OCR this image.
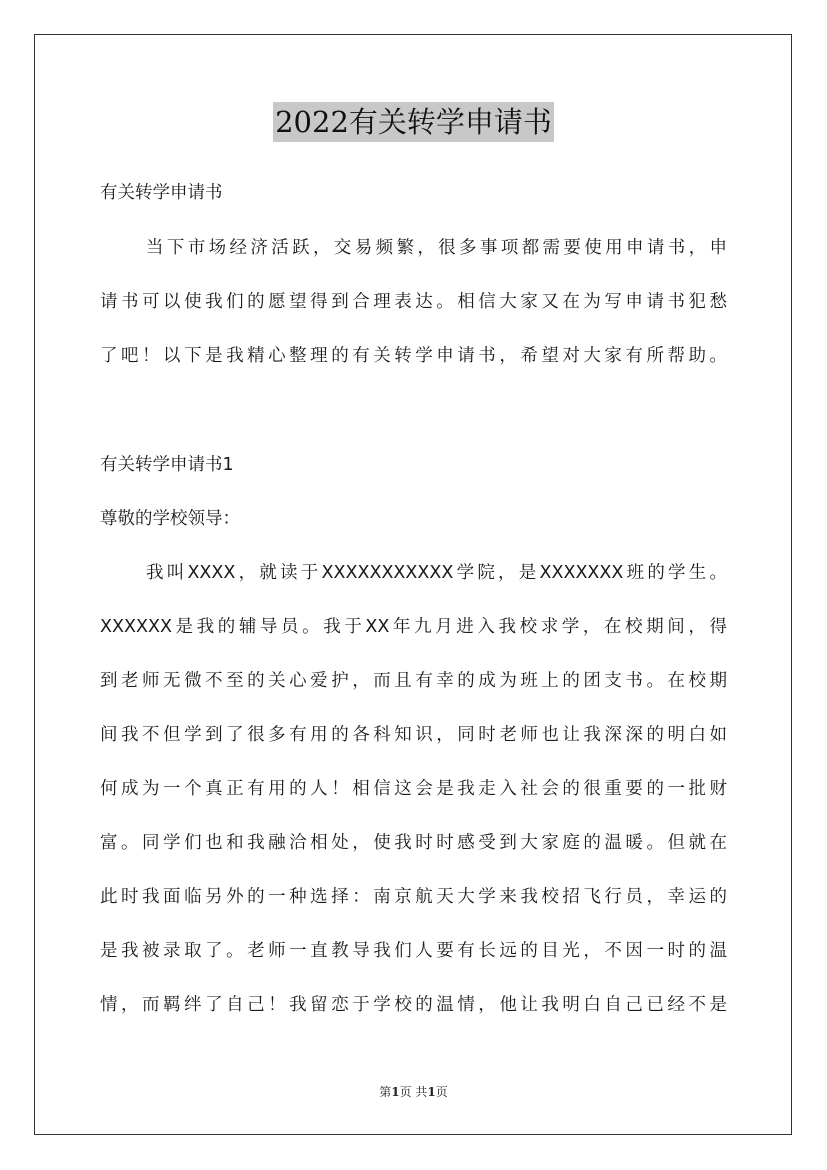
2022有关转学申请书
有关转学申请书
当下市场经济活跃，交易频繁，很多事项都需要使用申请书，申
请书可以使我们的愿望得到合理表达。相信大家又在为写申请书犯愁
了吧！以下是我精心整理的有关转学申请书，希望对大家有所帮助。
有关转学申请书1
尊敬的学校领导：
我叫XXXX，就读于XXXXXXXXXXX学院，是XXXXXXX班的学生。
XXXXXX是我的辅导员。我于XX年九月进入我校求学，在校期间，得
到老师无微不至的关心爱护，而且有幸的成为班上的团支书。在校期
间我不但学到了很多有用的各科知识，同时老师也让我深深的明白如
何成为一个真正有用的人！相信这会是我走入社会的很重要的一批财
富。同学们也和我融洽相处，使我时时感受到大家庭的温暖。但就在
此时我面临另外的一种选择：南京航天大学来我校招飞行员，幸运的
是我被录取了。老师一直教导我们人要有长远的目光，不因一时的温
情，而羁绊了自己！我留恋于学校的温情，他让我明白自己已经不是
第1页 共1页
